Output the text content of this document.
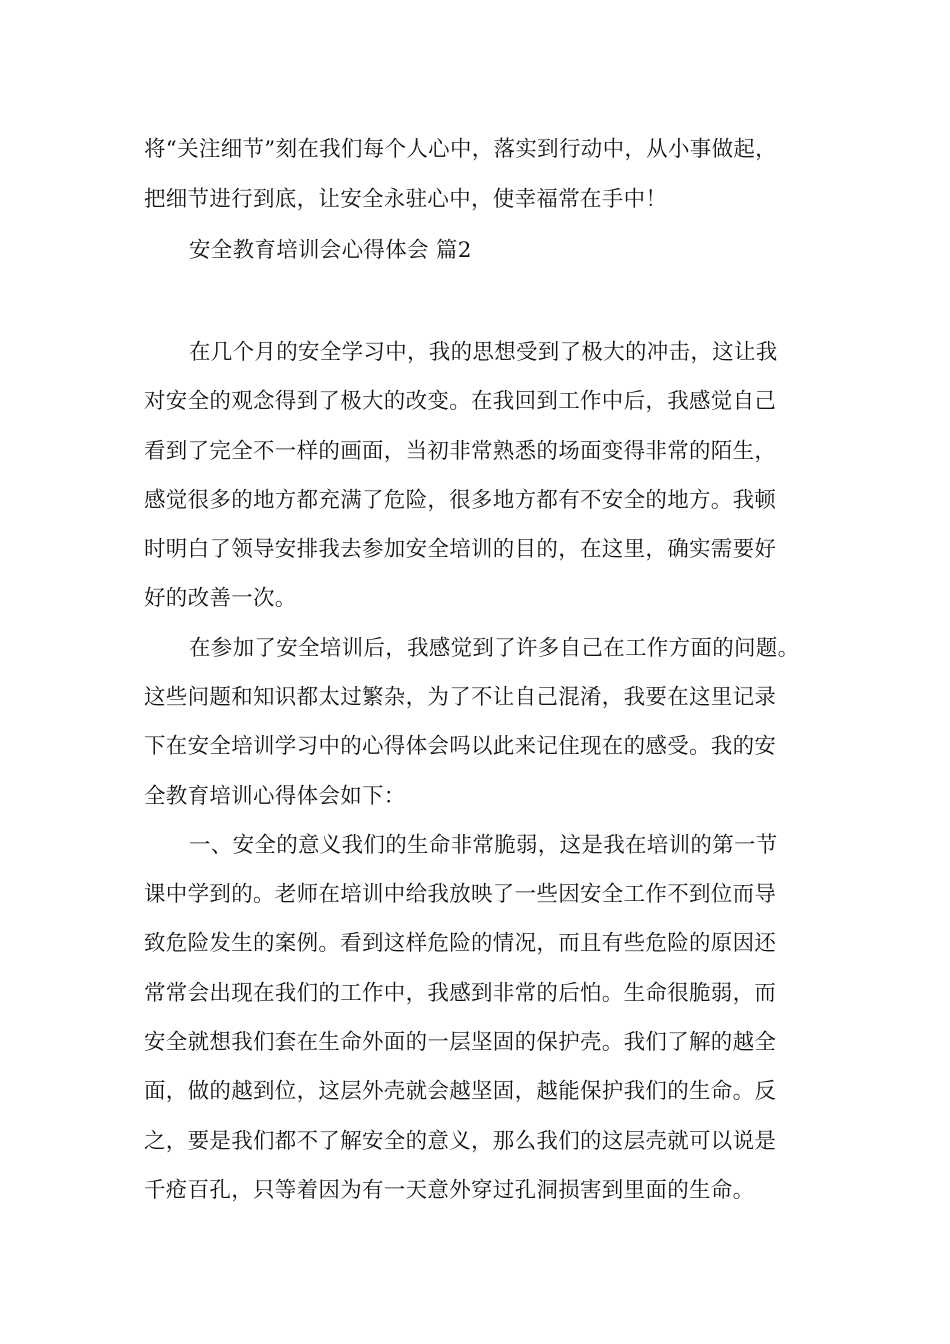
将“关注细节”刻在我们每个人心中，落实到行动中，从小事做起，
把细节进行到底，让安全永驻心中，使幸福常在手中！
安全教育培训会心得体会 篇2
在几个月的安全学习中，我的思想受到了极大的冲击，这让我
对安全的观念得到了极大的改变。在我回到工作中后，我感觉自己
看到了完全不一样的画面，当初非常熟悉的场面变得非常的陌生，
感觉很多的地方都充满了危险，很多地方都有不安全的地方。我顿
时明白了领导安排我去参加安全培训的目的，在这里，确实需要好
好的改善一次。
在参加了安全培训后，我感觉到了许多自己在工作方面的问题。
这些问题和知识都太过繁杂，为了不让自己混淆，我要在这里记录
下在安全培训学习中的心得体会吗以此来记住现在的感受。我的安
全教育培训心得体会如下：
一、安全的意义我们的生命非常脆弱，这是我在培训的第一节
课中学到的。老师在培训中给我放映了一些因安全工作不到位而导
致危险发生的案例。看到这样危险的情况，而且有些危险的原因还
常常会出现在我们的工作中，我感到非常的后怕。生命很脆弱，而
安全就想我们套在生命外面的一层坚固的保护壳。我们了解的越全
面，做的越到位，这层外壳就会越坚固，越能保护我们的生命。反
之，要是我们都不了解安全的意义，那么我们的这层壳就可以说是
千疮百孔，只等着因为有一天意外穿过孔洞损害到里面的生命。
